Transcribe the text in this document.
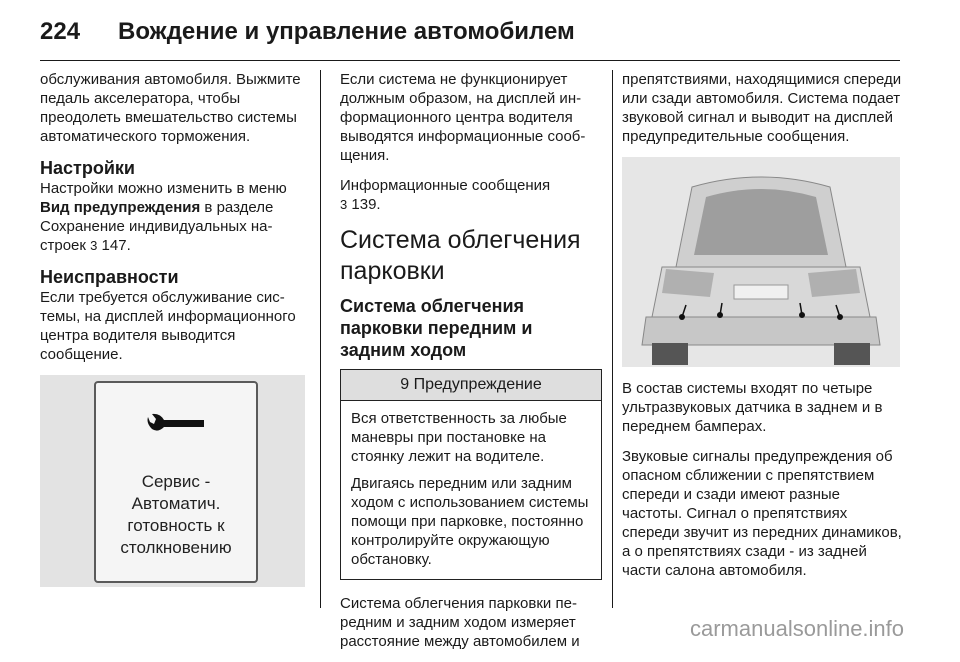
224 Вождение и управление автомобилем

обслуживания автомобиля. Выжмите педаль акселератора, чтобы преодолеть вмешательство системы автоматического торможения.

Настройки

Настройки можно изменить в меню Вид предупреждения в разделе Сохранение индивидуальных настроек 3 147.

Неисправности

Если требуется обслуживание системы, на дисплей информационного центра водителя выводится сообщение.

Сервис -
Автоматич.
готовность к
столкновению

Если система не функционирует должным образом, на дисплей информационного центра водителя выводятся информационные сообщения.

Информационные сообщения
3 139.

Система облегчения парковки
Система облегчения парковки передним и задним ходом
9 Предупреждение

Вся ответственность за любые маневры при постановке на стоянку лежит на водителе.

Двигаясь передним или задним ходом с использованием системы помощи при парковке, постоянно контролируйте окружающую обстановку.

Система облегчения парковки передним и задним ходом измеряет расстояние между автомобилем и

препятствиями, находящимися спереди или сзади автомобиля. Система подает звуковой сигнал и выводит на дисплей предупредительные сообщения.

В состав системы входят по четыре ультразвуковых датчика в заднем и в переднем бамперах.

Звуковые сигналы предупреждения об опасном сближении с препятствием спереди и сзади имеют разные частоты. Сигнал о препятствиях спереди звучит из передних динамиков, а о препятствиях сзади - из задней части салона автомобиля.

carmanualsonline.info
